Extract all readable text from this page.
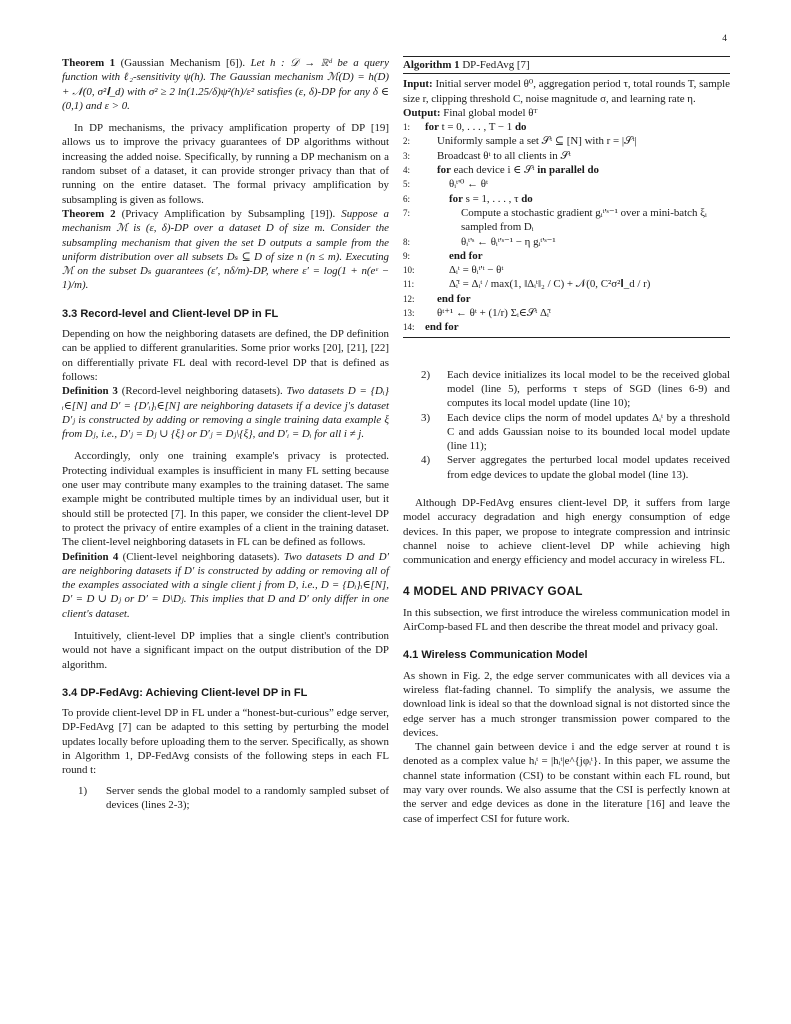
4

Theorem 1 (Gaussian Mechanism [6]). Let h : 𝒟 → ℝᵈ be a query function with ℓ₂-sensitivity ψ(h). The Gaussian mechanism ℳ(D) = h(D) + 𝒩(0, σ²𝐈_d) with σ² ≥ 2 ln(1.25/δ)ψ²(h)/ε² satisfies (ε, δ)-DP for any δ ∈ (0,1) and ε > 0.

In DP mechanisms, the privacy amplification property of DP [19] allows us to improve the privacy guarantees of DP algorithms without increasing the added noise. Specifically, by running a DP mechanism on a random subset of a dataset, it can provide stronger privacy than that of running on the entire dataset. The formal privacy amplification by subsampling is given as follows.

Theorem 2 (Privacy Amplification by Subsampling [19]). Suppose a mechanism ℳ is (ε, δ)-DP over a dataset D of size m. Consider the subsampling mechanism that given the set D outputs a sample from the uniform distribution over all subsets Dₛ ⊆ D of size n (n ≤ m). Executing ℳ on the subset Dₛ guarantees (ε′, nδ/m)-DP, where ε′ = log(1 + n(eᵋ − 1)/m).

3.3 Record-level and Client-level DP in FL

Depending on how the neighboring datasets are defined, the DP definition can be applied to different granularities. Some prior works [20], [21], [22] on differentially private FL deal with record-level DP that is defined as follows:

Definition 3 (Record-level neighboring datasets). Two datasets D = {Dᵢ}ᵢ∈[N] and D′ = {D′ᵢ}ᵢ∈[N] are neighboring datasets if a device j's dataset D′ⱼ is constructed by adding or removing a single training data example ξ from Dⱼ, i.e., D′ⱼ = Dⱼ ∪ {ξ} or D′ⱼ = Dⱼ\{ξ}, and D′ᵢ = Dᵢ for all i ≠ j.

Accordingly, only one training example's privacy is protected. Protecting individual examples is insufficient in many FL setting because one user may contribute many examples to the training dataset. The same example might be contributed multiple times by an individual user, but it should still be protected [7]. In this paper, we consider the client-level DP to protect the privacy of entire examples of a client in the training dataset. The client-level neighboring datasets in FL can be defined as follows.

Definition 4 (Client-level neighboring datasets). Two datasets D and D′ are neighboring datasets if D′ is constructed by adding or removing all of the examples associated with a single client j from D, i.e., D = {Dᵢ}ᵢ∈[N], D′ = D ∪ Dⱼ or D′ = D\Dⱼ. This implies that D and D′ only differ in one client's dataset.

Intuitively, client-level DP implies that a single client's contribution would not have a significant impact on the output distribution of the DP algorithm.

3.4 DP-FedAvg: Achieving Client-level DP in FL

To provide client-level DP in FL under a “honest-but-curious” edge server, DP-FedAvg [7] can be adapted to this setting by perturbing the model updates locally before uploading them to the server. Specifically, as shown in Algorithm 1, DP-FedAvg consists of the following steps in each FL round t:

1) Server sends the global model to a randomly sampled subset of devices (lines 2-3);
Algorithm 1 DP-FedAvg [7]
Input: Initial server model θ⁰, aggregation period τ, total rounds T, sample size r, clipping threshold C, noise magnitude σ, and learning rate η.
Output: Final global model θᵀ
1:	for t = 0, . . . , T − 1 do
2:	Uniformly sample a set 𝒮ᵗ ⊆ [N] with r = |𝒮ᵗ|
3:	Broadcast θᵗ to all clients in 𝒮ᵗ
4:	for each device i ∈ 𝒮ᵗ in parallel do
5:	θᵢᵗ'⁰ ← θᵗ
6:	for s = 1, . . . , τ do
7:	Compute a stochastic gradient gᵢᵗ'ˢ⁻¹ over a mini-batch ξᵢ sampled from Dᵢ
8:	θᵢᵗ'ˢ ← θᵢᵗ'ˢ⁻¹ − η gᵢᵗ'ˢ⁻¹
9:	end for
10:	Δᵢᵗ = θᵢᵗ'ᵗ − θᵗ
11:	Δ̃ᵢᵗ = Δᵢᵗ / max(1, ‖Δᵢᵗ‖₂ / C) + 𝒩(0, C²σ²𝐈_d / r)
12:	end for
13:	θᵗ⁺¹ ← θᵗ + (1/r) Σᵢ∈𝒮ᵗ Δ̃ᵢᵗ
14: end for
2) Each device initializes its local model to be the received global model (line 5), performs τ steps of SGD (lines 6-9) and computes its local model update (line 10);
3) Each device clips the norm of model updates Δᵢᵗ by a threshold C and adds Gaussian noise to its bounded local model update (line 11);
4) Server aggregates the perturbed local model updates received from edge devices to update the global model (line 13).

Although DP-FedAvg ensures client-level DP, it suffers from large model accuracy degradation and high energy consumption of edge devices. In this paper, we propose to integrate compression and intrinsic channel noise to achieve client-level DP while achieving high communication and energy efficiency and model accuracy in wireless FL.

4 MODEL AND PRIVACY GOAL

In this subsection, we first introduce the wireless communication model in AirComp-based FL and then describe the threat model and privacy goal.

4.1 Wireless Communication Model

As shown in Fig. 2, the edge server communicates with all devices via a wireless flat-fading channel. To simplify the analysis, we assume the download link is ideal so that the download signal is not distorted since the edge server has a much stronger transmission power compared to the devices.

The channel gain between device i and the edge server at round t is denoted as a complex value hᵢᵗ = |hᵢᵗ|e^{jφᵢᵗ}. In this paper, we assume the channel state information (CSI) to be constant within each FL round, but may vary over rounds. We also assume that the CSI is perfectly known at the server and edge devices as done in the literature [16] and leave the case of imperfect CSI for future work.
